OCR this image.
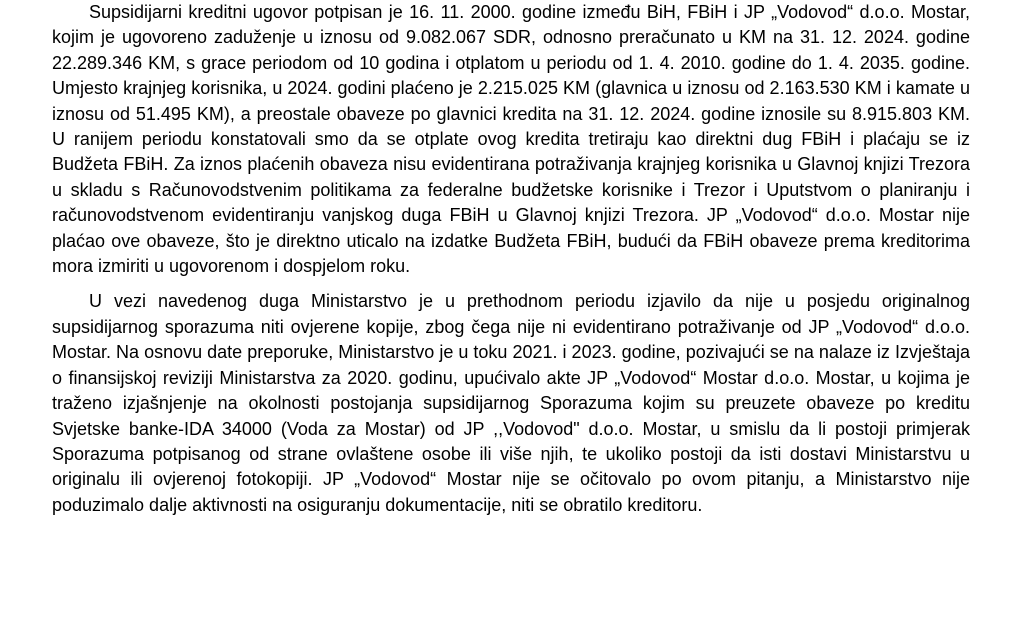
Supsidijarni kreditni ugovor potpisan je 16. 11. 2000. godine između BiH, FBiH i JP „Vodovod“ d.o.o. Mostar, kojim je ugovoreno zaduženje u iznosu od 9.082.067 SDR, odnosno preračunato u KM na 31. 12. 2024. godine 22.289.346 KM, s grace periodom od 10 godina i otplatom u periodu od 1. 4. 2010. godine do 1. 4. 2035. godine. Umjesto krajnjeg korisnika, u 2024. godini plaćeno je 2.215.025 KM (glavnica u iznosu od 2.163.530 KM i kamate u iznosu od 51.495 KM), a preostale obaveze po glavnici kredita na 31. 12. 2024. godine iznosile su 8.915.803 KM. U ranijem periodu konstatovali smo da se otplate ovog kredita tretiraju kao direktni dug FBiH i plaćaju se iz Budžeta FBiH. Za iznos plaćenih obaveza nisu evidentirana potraživanja krajnjeg korisnika u Glavnoj knjizi Trezora u skladu s Računovodstvenim politikama za federalne budžetske korisnike i Trezor i Uputstvom o planiranju i računovodstvenom evidentiranju vanjskog duga FBiH u Glavnoj knjizi Trezora. JP „Vodovod“ d.o.o. Mostar nije plaćao ove obaveze, što je direktno uticalo na izdatke Budžeta FBiH, budući da FBiH obaveze prema kreditorima mora izmiriti u ugovorenom i dospjelom roku.

U vezi navedenog duga Ministarstvo je u prethodnom periodu izjavilo da nije u posjedu originalnog supsidijarnog sporazuma niti ovjerene kopije, zbog čega nije ni evidentirano potraživanje od JP „Vodovod“ d.o.o. Mostar. Na osnovu date preporuke, Ministarstvo je u toku 2021. i 2023. godine, pozivajući se na nalaze iz Izvještaja o finansijskoj reviziji Ministarstva za 2020. godinu, upućivalo akte JP „Vodovod“ Mostar d.o.o. Mostar, u kojima je traženo izjašnjenje na okolnosti postojanja supsidijarnog Sporazuma kojim su preuzete obaveze po kreditu Svjetske banke-IDA 34000 (Voda za Mostar) od JP ,,Vodovod" d.o.o. Mostar, u smislu da li postoji primjerak Sporazuma potpisanog od strane ovlaštene osobe ili više njih, te ukoliko postoji da isti dostavi Ministarstvu u originalu ili ovjerenoj fotokopiji. JP „Vodovod“ Mostar nije se očitovalo po ovom pitanju, a Ministarstvo nije poduzimalo dalje aktivnosti na osiguranju dokumentacije, niti se obratilo kreditoru.
